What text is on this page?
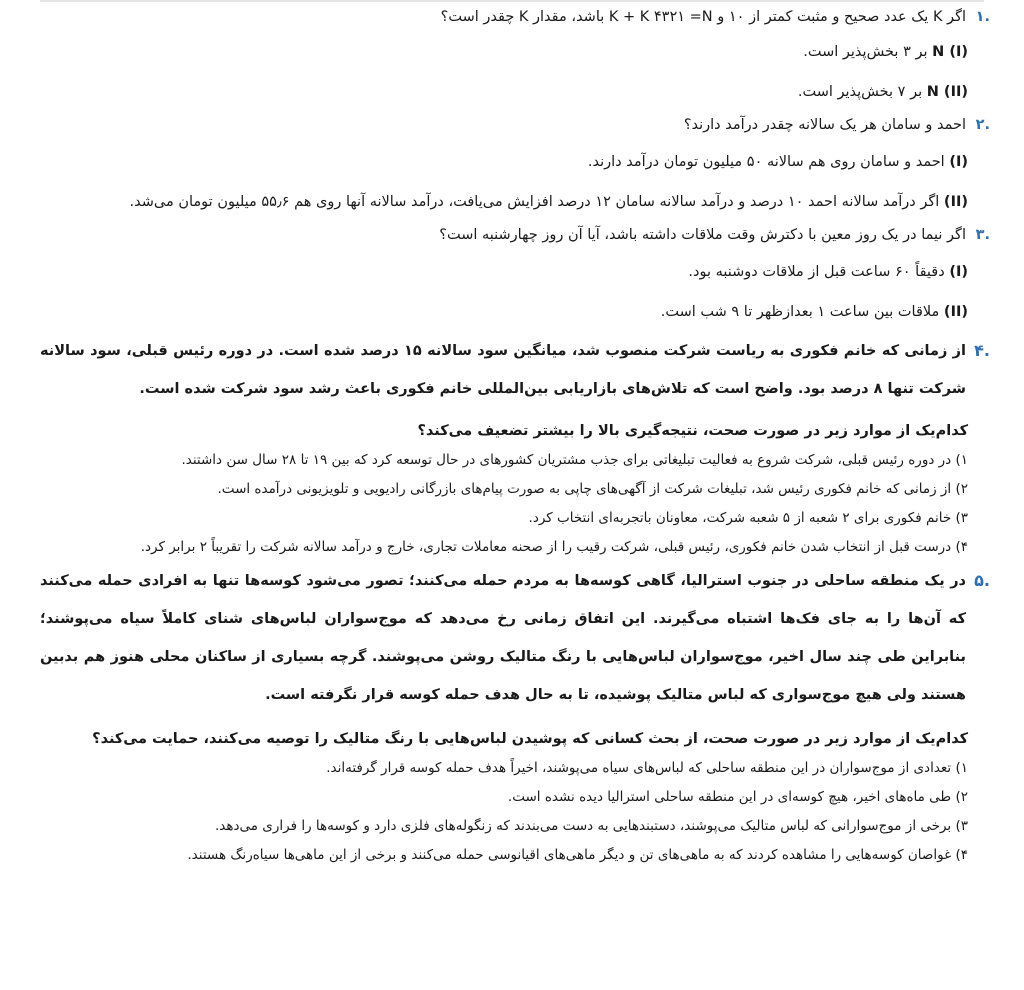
.۱
اگر K یک عدد صحیح و مثبت کمتر از ۱۰ و K + K ۴۳۲۱ =N باشد، مقدار K چقدر است؟
(I) N بر ۳ بخش‌پذیر است.
(II) N بر ۷ بخش‌پذیر است.
.۲
احمد و سامان هر یک سالانه چقدر درآمد دارند؟
(I) احمد و سامان روی هم سالانه ۵۰ میلیون تومان درآمد دارند.
(II) اگر درآمد سالانه احمد ۱۰ درصد و درآمد سالانه سامان ۱۲ درصد افزایش می‌یافت، درآمد سالانه آنها روی هم ۵۵٫۶ میلیون تومان می‌شد.
.۳
اگر نیما در یک روز معین با دکترش وقت ملاقات داشته باشد، آیا آن روز چهارشنبه است؟
(I) دقیقاً ۶۰ ساعت قبل از ملاقات دوشنبه بود.
(II) ملاقات بین ساعت ۱ بعدازظهر تا ۹ شب است.
.۴
از زمانی که خانم فکوری به ریاست شرکت منصوب شد، میانگین سود سالانه ۱۵ درصد شده است. در دوره رئیس قبلی، سود سالانه شرکت تنها ۸ درصد بود. واضح است که تلاش‌های بازاریابی بین‌المللی خانم فکوری باعث رشد سود شرکت شده است.
کدام‌یک از موارد زیر در صورت صحت، نتیجه‌گیری بالا را بیشتر تضعیف می‌کند؟
۱) در دوره رئیس قبلی، شرکت شروع به فعالیت تبلیغاتی برای جذب مشتریان کشورهای در حال توسعه کرد که بین ۱۹ تا ۲۸ سال سن داشتند.
۲) از زمانی که خانم فکوری رئیس شد، تبلیغات شرکت از آگهی‌های چاپی به صورت پیام‌های بازرگانی رادیویی و تلویزیونی درآمده است.
۳) خانم فکوری برای ۲ شعبه از ۵ شعبه شرکت، معاونان باتجربه‌ای انتخاب کرد.
۴) درست قبل از انتخاب شدن خانم فکوری، رئیس قبلی، شرکت رقیب را از صحنه معاملات تجاری، خارج و درآمد سالانه شرکت را تقریباً ۲ برابر کرد.
.۵
در یک منطقه ساحلی در جنوب استرالیا، گاهی کوسه‌ها به مردم حمله می‌کنند؛ تصور می‌شود کوسه‌ها تنها به افرادی حمله می‌کنند که آن‌ها را به جای فک‌ها اشتباه می‌گیرند. این اتفاق زمانی رخ می‌دهد که موج‌سواران لباس‌های شنای کاملاً سیاه می‌پوشند؛ بنابراین طی چند سال اخیر، موج‌سواران لباس‌هایی با رنگ متالیک روشن می‌پوشند. گرچه بسیاری از ساکنان محلی هنوز هم بدبین هستند ولی هیچ موج‌سواری که لباس متالیک پوشیده، تا به حال هدف حمله کوسه قرار نگرفته است.
کدام‌یک از موارد زیر در صورت صحت، از بحث کسانی که پوشیدن لباس‌هایی با رنگ متالیک را توصیه می‌کنند، حمایت می‌کند؟
۱) تعدادی از موج‌سواران در این منطقه ساحلی که لباس‌های سیاه می‌پوشند، اخیراً هدف حمله کوسه قرار گرفته‌اند.
۲) طی ماه‌های اخیر، هیچ کوسه‌ای در این منطقه ساحلی استرالیا دیده نشده است.
۳) برخی از موج‌سوارانی که لباس متالیک می‌پوشند، دستبندهایی به دست می‌بندند که زنگوله‌های فلزی دارد و کوسه‌ها را فراری می‌دهد.
۴) غواصان کوسه‌هایی را مشاهده کردند که به ماهی‌های تن و دیگر ماهی‌های اقیانوسی حمله می‌کنند و برخی از این ماهی‌ها سیاه‌رنگ هستند.
